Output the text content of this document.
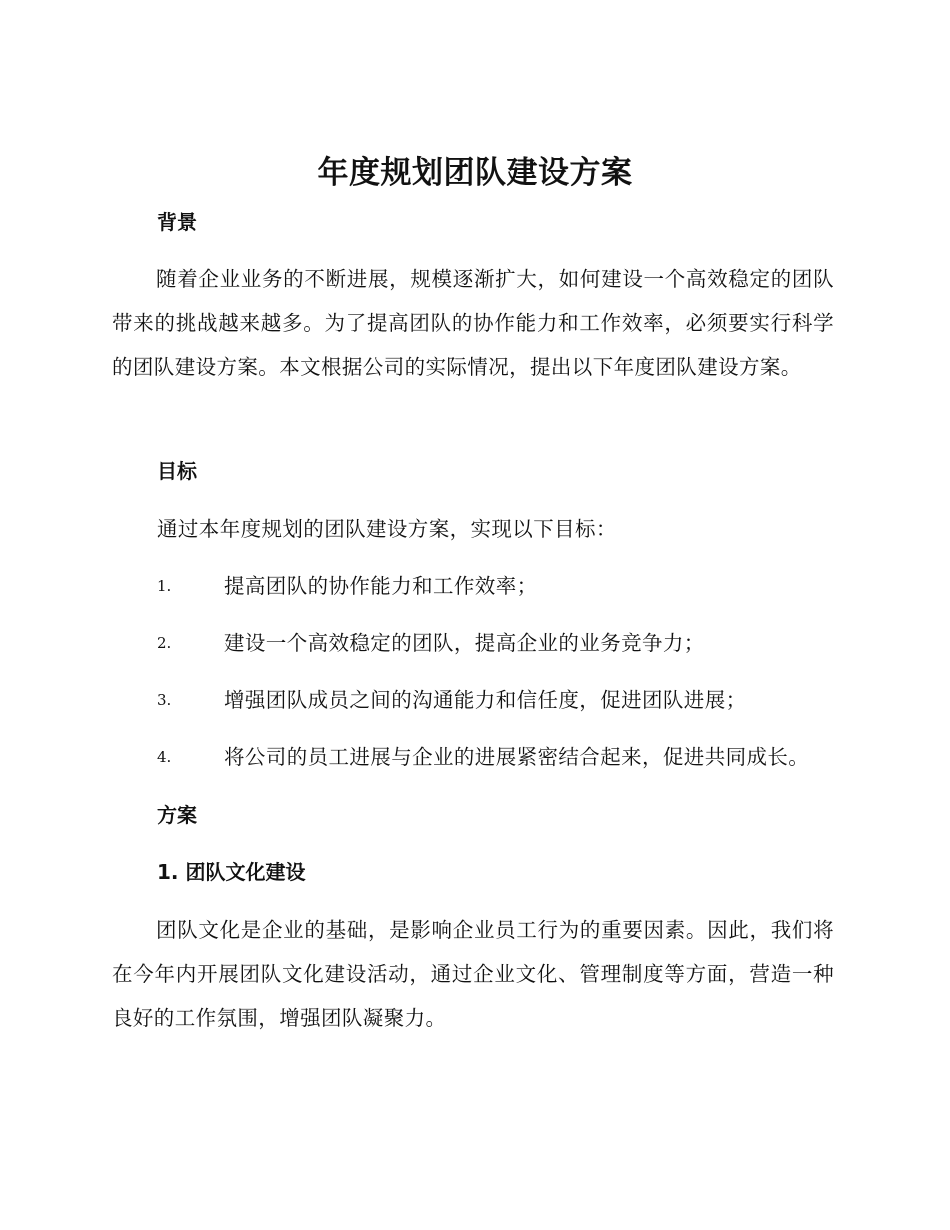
年度规划团队建设方案
背景

随着企业业务的不断进展，规模逐渐扩大，如何建设一个高效稳定的团队带来的挑战越来越多。为了提高团队的协作能力和工作效率，必须要实行科学的团队建设方案。本文根据公司的实际情况，提出以下年度团队建设方案。

目标
通过本年度规划的团队建设方案，实现以下目标：
1.	提高团队的协作能力和工作效率；
2.	建设一个高效稳定的团队，提高企业的业务竞争力；
3.	增强团队成员之间的沟通能力和信任度，促进团队进展；
4.	将公司的员工进展与企业的进展紧密结合起来，促进共同成长。
方案
1. 团队文化建设

团队文化是企业的基础，是影响企业员工行为的重要因素。因此，我们将在今年内开展团队文化建设活动，通过企业文化、管理制度等方面，营造一种良好的工作氛围，增强团队凝聚力。
